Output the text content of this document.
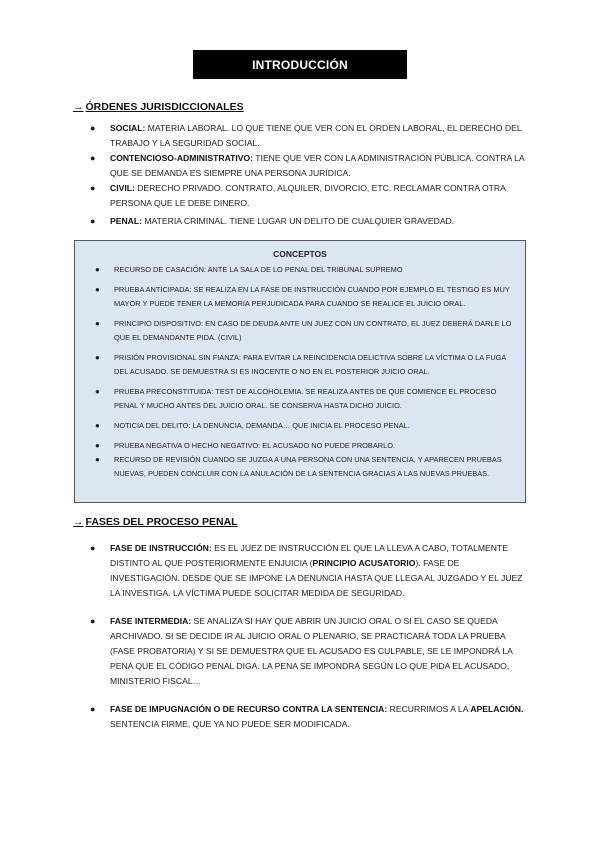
INTRODUCCIÓN
→ ÓRDENES JURISDICCIONALES
● SOCIAL: MATERIA LABORAL. LO QUE TIENE QUE VER CON EL ORDEN LABORAL, EL DERECHO DEL TRABAJO Y LA SEGURIDAD SOCIAL.
● CONTENCIOSO-ADMINISTRATIVO: TIENE QUE VER CON LA ADMINISTRACIÓN PÚBLICA. CONTRA LA QUE SE DEMANDA ES SIEMPRE UNA PERSONA JURÍDICA.
● CIVIL: DERECHO PRIVADO. CONTRATO, ALQUILER, DIVORCIO, ETC. RECLAMAR CONTRA OTRA PERSONA QUE LE DEBE DINERO.
● PENAL: MATERIA CRIMINAL. TIENE LUGAR UN DELITO DE CUALQUIER GRAVEDAD.
CONCEPTOS
● RECURSO DE CASACIÓN: ANTE LA SALA DE LO PENAL DEL TRIBUNAL SUPREMO
● PRUEBA ANTICIPADA: SE REALIZA EN LA FASE DE INSTRUCCIÓN CUANDO POR EJEMPLO EL TESTIGO ES MUY MAYOR Y PUEDE TENER LA MEMORIA PERJUDICADA PARA CUANDO SE REALICE EL JUICIO ORAL.
● PRINCIPIO DISPOSITIVO: EN CASO DE DEUDA ANTE UN JUEZ CON UN CONTRATO, EL JUEZ DEBERÁ DARLE LO QUE EL DEMANDANTE PIDA. (CIVIL)
● PRISIÓN PROVISIONAL SIN FIANZA: PARA EVITAR LA REINCIDENCIA DELICTIVA SOBRE LA VÍCTIMA O LA FUGA DEL ACUSADO. SE DEMUESTRA SI ES INOCENTE O NO EN EL POSTERIOR JUICIO ORAL.
● PRUEBA PRECONSTITUIDA: TEST DE ALCOHOLEMIA. SE REALIZA ANTES DE QUE COMIENCE EL PROCESO PENAL Y MUCHO ANTES DEL JUICIO ORAL. SE CONSERVA HASTA DICHO JUICIO.
● NOTICIA DEL DELITO: LA DENUNCIA, DEMANDA… QUE INICIA EL PROCESO PENAL.
● PRUEBA NEGATIVA O HECHO NEGATIVO: EL ACUSADO NO PUEDE PROBARLO.
● RECURSO DE REVISIÓN CUANDO SE JUZGA A UNA PERSONA CON UNA SENTENCIA, Y APARECEN PRUEBAS NUEVAS, PUEDEN CONCLUIR CON LA ANULACIÓN DE LA SENTENCIA GRACIAS A LAS NUEVAS PRUEBAS.
→ FASES DEL PROCESO PENAL
● FASE DE INSTRUCCIÓN: ES EL JUEZ DE INSTRUCCIÓN EL QUE LA LLEVA A CABO, TOTALMENTE DISTINTO AL QUE POSTERIORMENTE ENJUICIA (PRINCIPIO ACUSATORIO). FASE DE INVESTIGACIÓN. DESDE QUE SE IMPONE LA DENUNCIA HASTA QUE LLEGA AL JUZGADO Y EL JUEZ LA INVESTIGA. LA VÍCTIMA PUEDE SOLICITAR MEDIDA DE SEGURIDAD.
● FASE INTERMEDIA: SE ANALIZA SI HAY QUE ABRIR UN JUICIO ORAL O SI EL CASO SE QUEDA ARCHIVADO. SI SE DECIDE IR AL JUICIO ORAL O PLENARIO, SE PRACTICARÁ TODA LA PRUEBA (FASE PROBATORIA) Y SI SE DEMUESTRA QUE EL ACUSADO ES CULPABLE, SE LE IMPONDRÁ LA PENA QUE EL CÓDIGO PENAL DIGA. LA PENA SE IMPONDRÁ SEGÚN LO QUE PIDA EL ACUSADO, MINISTERIO FISCAL…
● FASE DE IMPUGNACIÓN O DE RECURSO CONTRA LA SENTENCIA: RECURRIMOS A LA APELACIÓN. SENTENCIA FIRME, QUE YA NO PUEDE SER MODIFICADA.
